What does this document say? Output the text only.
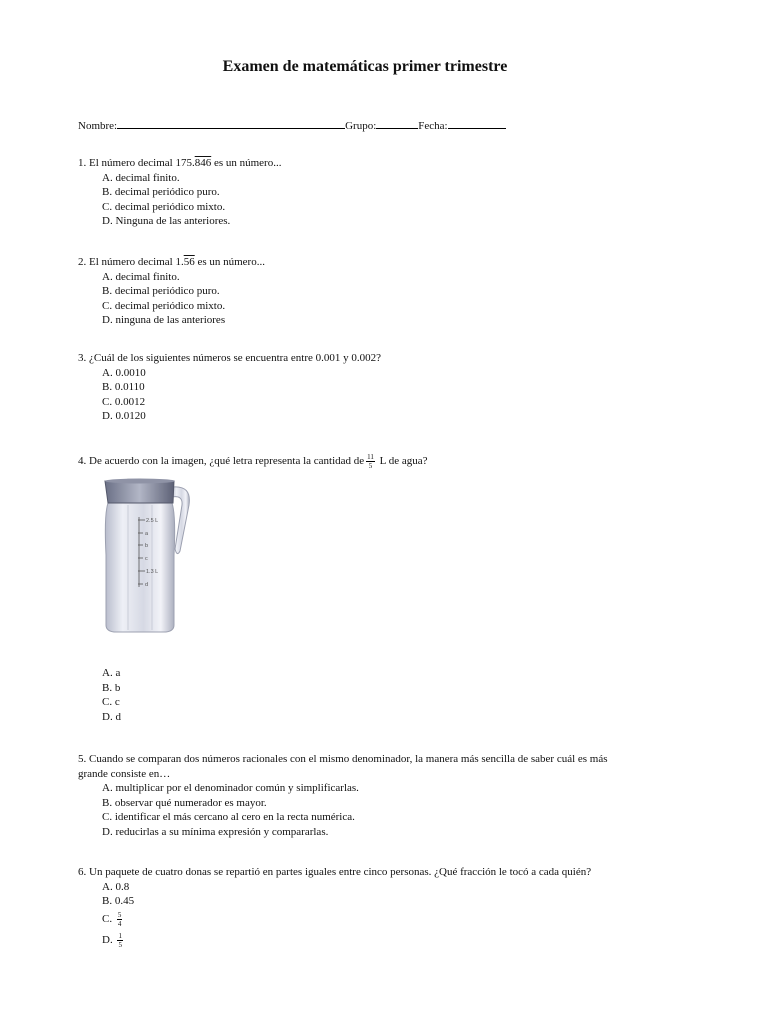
Examen de matemáticas primer trimestre
Nombre:	Grupo:	Fecha:
1. El número decimal 175.846 es un número...
A. decimal finito.
B. decimal periódico puro.
C. decimal periódico mixto.
D. Ninguna de las anteriores.
2. El número decimal 1.56 es un número...
A. decimal finito.
B. decimal periódico puro.
C. decimal periódico mixto.
D. ninguna de las anteriores
3. ¿Cuál de los siguientes números se encuentra entre 0.001 y 0.002?
A. 0.0010
B. 0.0110
C. 0.0012
D. 0.0120
4. De acuerdo con la imagen, ¿qué letra representa la cantidad de $\frac{11}{5}$ L de agua?
2.5 L
a
b
c
1.3 L
d
A. a
B. b
C. c
D. d
5. Cuando se comparan dos números racionales con el mismo denominador, la manera más sencilla de saber cuál es más grande consiste en…
A. multiplicar por el denominador común y simplificarlas.
B. observar qué numerador es mayor.
C. identificar el más cercano al cero en la recta numérica.
D. reducirlas a su mínima expresión y compararlas.
6. Un paquete de cuatro donas se repartió en partes iguales entre cinco personas. ¿Qué fracción le tocó a cada quién?
A. 0.8
B. 0.45
C. $\frac{5}{4}$
D. $\frac{1}{5}$
